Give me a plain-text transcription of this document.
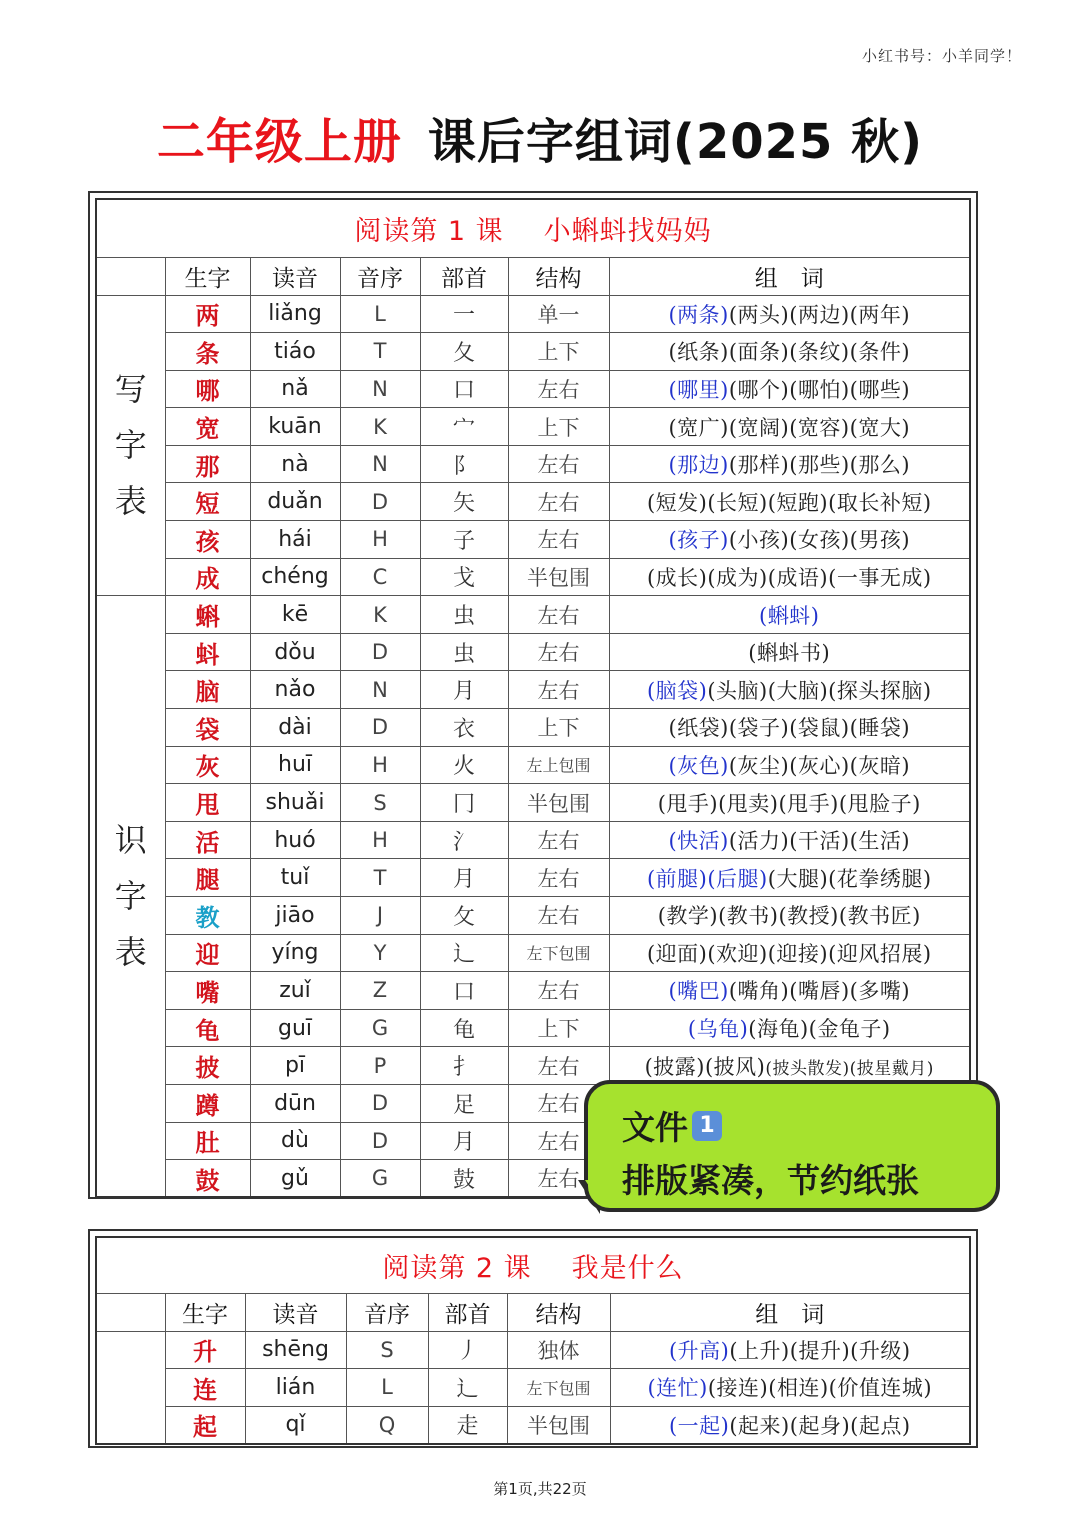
小红书号：小羊同学！
二年级上册 课后字组词(2025 秋)
阅读第 1 课 小蝌蚪找妈妈						
	生字	读音	音序	部首	结构	组　词

写
字
表	两	liǎng	L	一	单一	(两条)(两头)(两边)(两年)
	条	tiáo	T	夂	上下	(纸条)(面条)(条纹)(条件)
	哪	nǎ	N	口	左右	(哪里)(哪个)(哪怕)(哪些)
	宽	kuān	K	宀	上下	(宽广)(宽阔)(宽容)(宽大)
	那	nà	N	阝	左右	(那边)(那样)(那些)(那么)
	短	duǎn	D	矢	左右	(短发)(长短)(短跑)(取长补短)
	孩	hái	H	子	左右	(孩子)(小孩)(女孩)(男孩)
	成	chéng	C	戈	半包围	(成长)(成为)(成语)(一事无成)

识
字
表	蝌	kē	K	虫	左右	(蝌蚪)
	蚪	dǒu	D	虫	左右	(蝌蚪书)
	脑	nǎo	N	月	左右	(脑袋)(头脑)(大脑)(探头探脑)
	袋	dài	D	衣	上下	(纸袋)(袋子)(袋鼠)(睡袋)
	灰	huī	H	火	左上包围	(灰色)(灰尘)(灰心)(灰暗)
	甩	shuǎi	S	冂	半包围	(甩手)(甩卖)(甩手)(甩脸子)
	活	huó	H	氵	左右	(快活)(活力)(干活)(生活)
	腿	tuǐ	T	月	左右	(前腿)(后腿)(大腿)(花拳绣腿)
	教	jiāo	J	攵	左右	(教学)(教书)(教授)(教书匠)
	迎	yíng	Y	辶	左下包围	(迎面)(欢迎)(迎接)(迎风招展)
	嘴	zuǐ	Z	口	左右	(嘴巴)(嘴角)(嘴唇)(多嘴)
	龟	guī	G	龟	上下	(乌龟)(海龟)(金龟子)
	披	pī	P	扌	左右	(披露)(披风)(披头散发)(披星戴月)
	蹲	dūn	D	足	左右	
	肚	dù	D	月	左右	
	鼓	gǔ	G	鼓	左右	
阅读第 2 课 我是什么						
	生字	读音	音序	部首	结构	组　词
	升	shēng	S	丿	独体	(升高)(上升)(提升)(升级)
	连	lián	L	辶	左下包围	(连忙)(接连)(相连)(价值连城)
	起	qǐ	Q	走	半包围	(一起)(起来)(起身)(起点)
文件 1
排版紧凑，节约纸张
第1页,共22页
